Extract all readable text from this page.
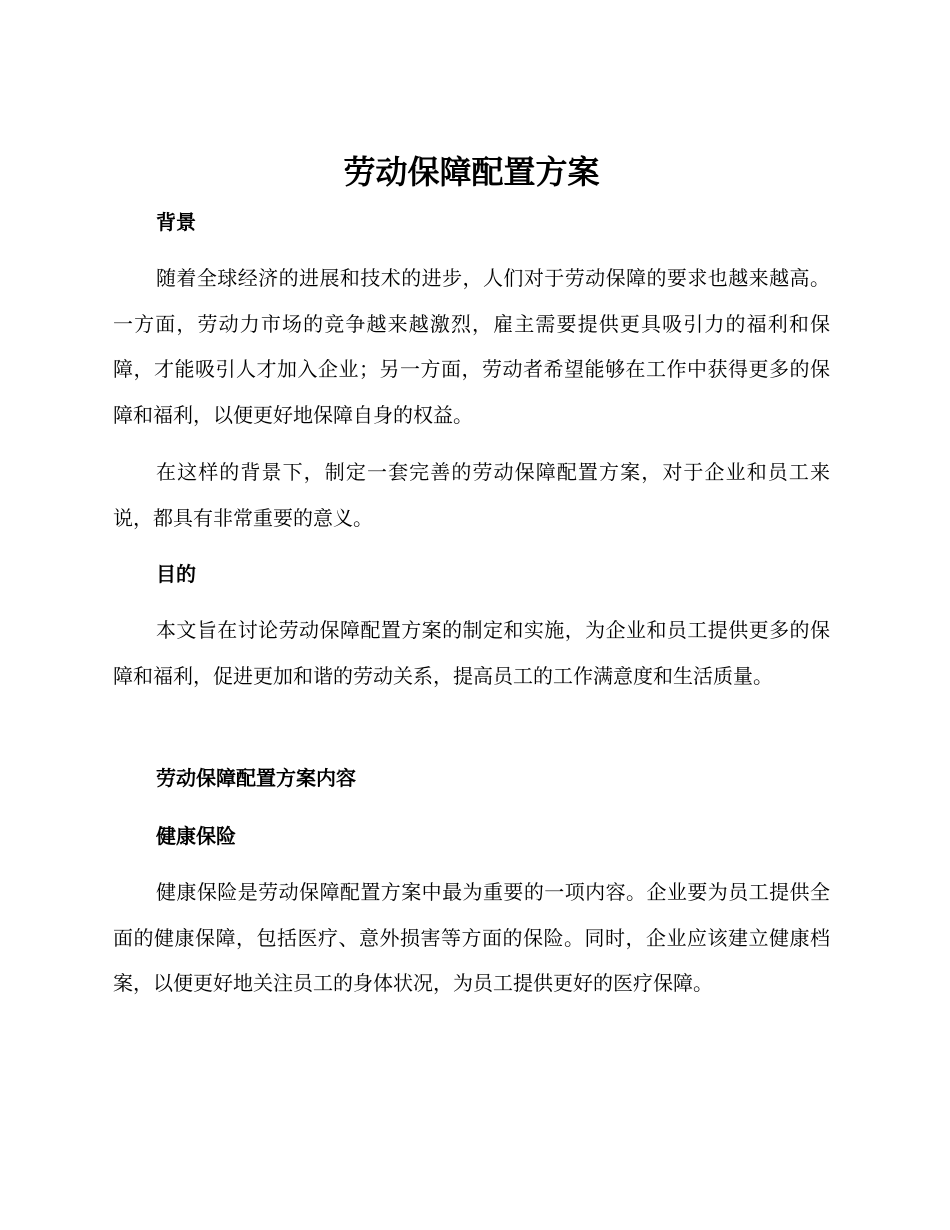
劳动保障配置方案
背景

随着全球经济的进展和技术的进步，人们对于劳动保障的要求也越来越高。一方面，劳动力市场的竞争越来越激烈，雇主需要提供更具吸引力的福利和保障，才能吸引人才加入企业；另一方面，劳动者希望能够在工作中获得更多的保障和福利，以便更好地保障自身的权益。

在这样的背景下，制定一套完善的劳动保障配置方案，对于企业和员工来说，都具有非常重要的意义。

目的

本文旨在讨论劳动保障配置方案的制定和实施，为企业和员工提供更多的保障和福利，促进更加和谐的劳动关系，提高员工的工作满意度和生活质量。

劳动保障配置方案内容
健康保险

健康保险是劳动保障配置方案中最为重要的一项内容。企业要为员工提供全面的健康保障，包括医疗、意外损害等方面的保险。同时，企业应该建立健康档案，以便更好地关注员工的身体状况，为员工提供更好的医疗保障。
